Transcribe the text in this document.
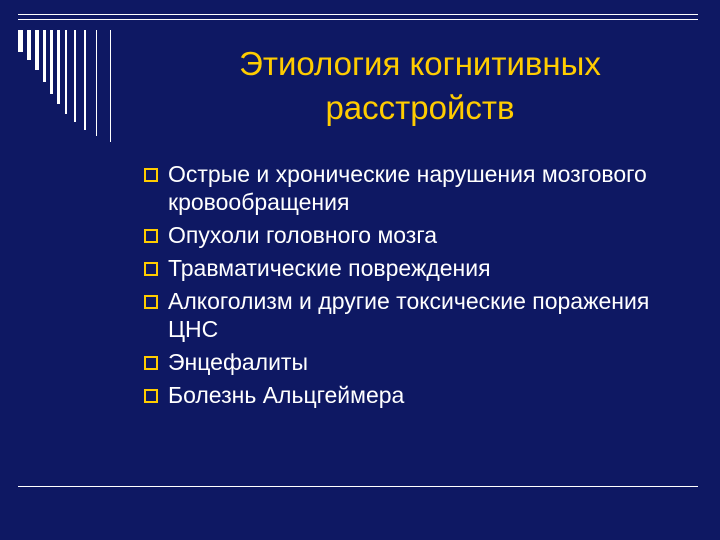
Этиология когнитивных
расстройств
Острые и хронические нарушения мозгового кровообращения
Опухоли головного мозга
Травматические повреждения
Алкоголизм и другие токсические поражения ЦНС
Энцефалиты
Болезнь Альцгеймера
